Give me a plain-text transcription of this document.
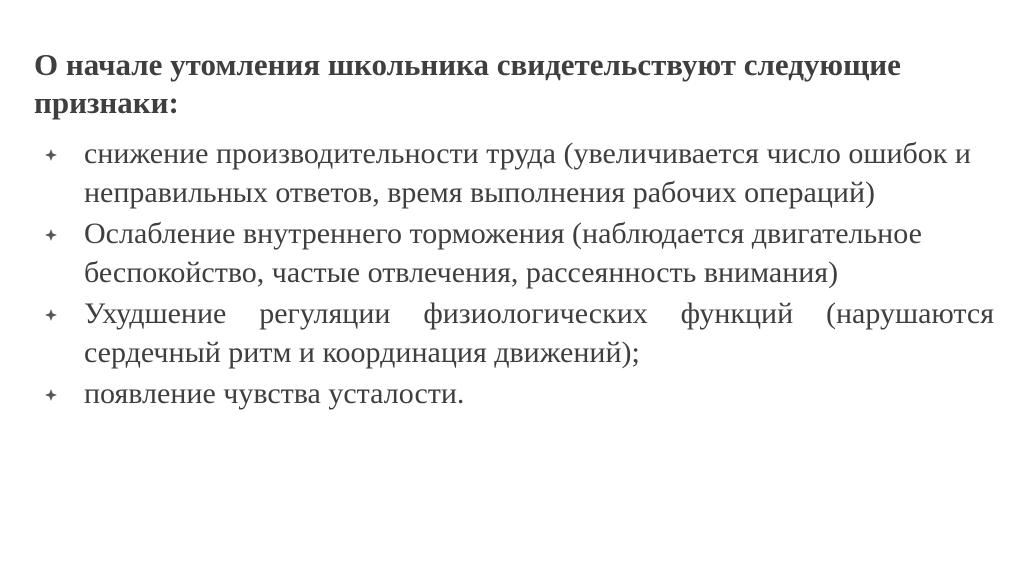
О начале утомления школьника свидетельствуют следующие признаки:
снижение производительности труда (увеличивается число ошибок и неправильных ответов, время выполнения рабочих операций)
Ослабление внутреннего торможения (наблюдается двигательное беспокойство, частые отвлечения, рассеянность внимания)
Ухудшение регуляции физиологических функций (нарушаются сердечный ритм и координация движений);
появление чувства усталости.
